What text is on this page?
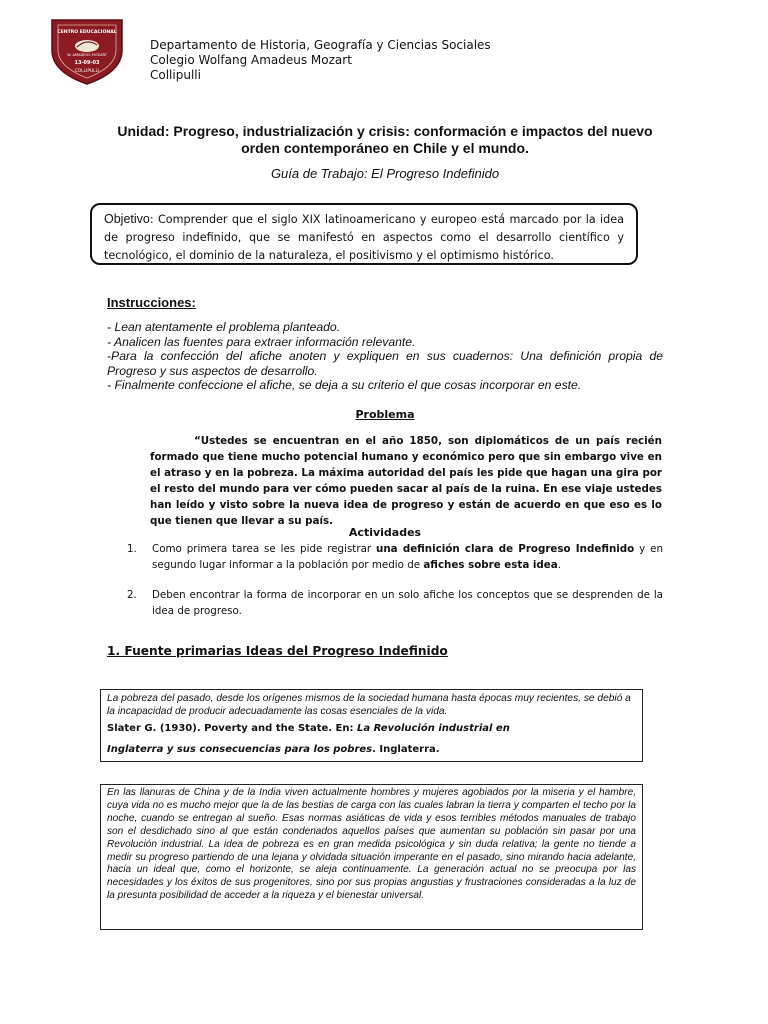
CENTRO EDUCACIONAL
W. AMADEUS MOZART
13-09-03
COLLIPULLI
Departamento de Historia, Geografía y Ciencias Sociales
Colegio Wolfang Amadeus Mozart
Collipulli
Unidad: Progreso, industrialización y crisis: conformación e impactos del nuevo orden contemporáneo en Chile y el mundo.
Guía de Trabajo: El Progreso Indefinido
Objetivo: Comprender que el siglo XIX latinoamericano y europeo está marcado por la idea de progreso indefinido, que se manifestó en aspectos como el desarrollo científico y tecnológico, el dominio de la naturaleza, el positivismo y el optimismo histórico.
Instrucciones:
- Lean atentamente el problema planteado.
- Analicen las fuentes para extraer información relevante.
-Para la confección del afiche anoten y expliquen en sus cuadernos: Una definición propia de Progreso y sus aspectos de desarrollo.
- Finalmente confeccione el afiche, se deja a su criterio el que cosas incorporar en este.
Problema
“Ustedes se encuentran en el año 1850, son diplomáticos de un país recién formado que tiene mucho potencial humano y económico pero que sin embargo vive en el atraso y en la pobreza. La máxima autoridad del país les pide que hagan una gira por el resto del mundo para ver cómo pueden sacar al país de la ruina. En ese viaje ustedes han leído y visto sobre la nueva idea de progreso y están de acuerdo en que eso es lo que tienen que llevar a su país.
Actividades
1.	Como primera tarea se les pide registrar una definición clara de Progreso Indefinido y en segundo lugar informar a la población por medio de afiches sobre esta idea.
2.	Deben encontrar la forma de incorporar en un solo afiche los conceptos que se desprenden de la idea de progreso.
1. Fuente primarias Ideas del Progreso Indefinido
La pobreza del pasado, desde los orígenes mismos de la sociedad humana hasta épocas muy recientes, se debió a la incapacidad de producir adecuadamente las cosas esenciales de la vida.
Slater G. (1930). Poverty and the State. En: La Revolución industrial en
Inglaterra y sus consecuencias para los pobres. Inglaterra.
En las llanuras de China y de la India viven actualmente hombres y mujeres agobiados por la miseria y el hambre, cuya vida no es mucho mejor que la de las bestias de carga con las cuales labran la tierra y comparten el techo por la noche, cuando se entregan al sueño. Esas normas asiáticas de vida y esos terribles métodos manuales de trabajo son el desdichado sino al que están condenados aquellos países que aumentan su población sin pasar por una Revolución industrial. La idea de pobreza es en gran medida psicológica y sin duda relativa; la gente no tiende a medir su progreso partiendo de una lejana y olvidada situación imperante en el pasado, sino mirando hacia adelante, hacia un ideal que, como el horizonte, se aleja continuamente. La generación actual no se preocupa por las necesidades y los éxitos de sus progenitores, sino por sus propias angustias y frustraciones consideradas a la luz de la presunta posibilidad de acceder a la riqueza y el bienestar universal.
